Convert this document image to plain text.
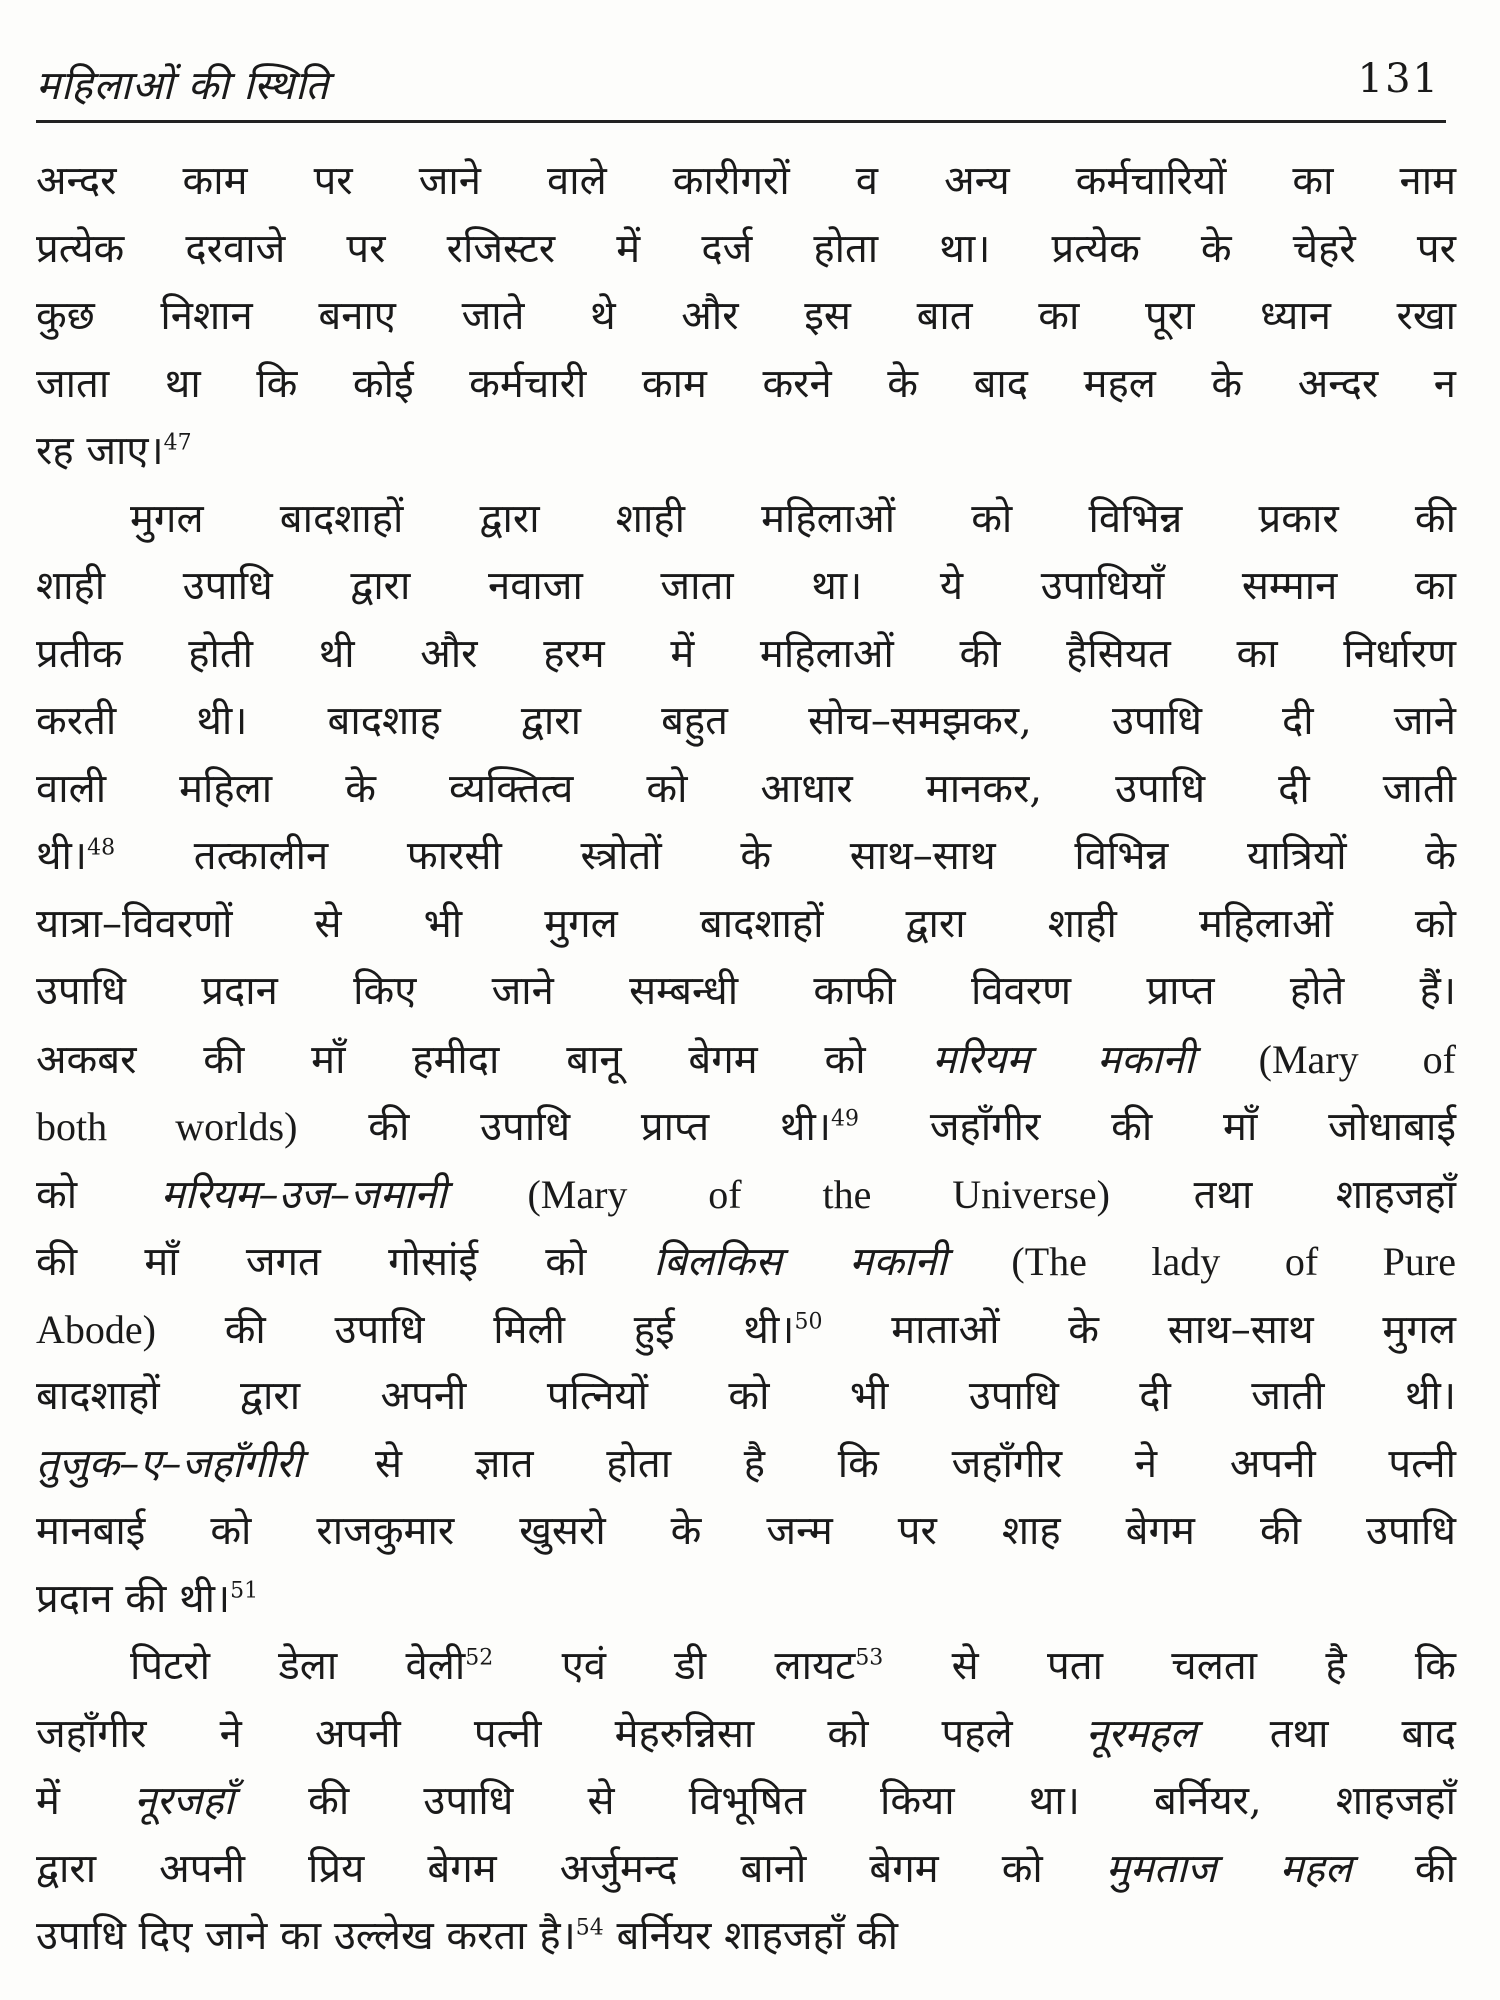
महिलाओं की स्थिति	131
अन्दर काम पर जाने वाले कारीगरों व अन्य कर्मचारियों का नाम
प्रत्येक दरवाजे पर रजिस्टर में दर्ज होता था। प्रत्येक के चेहरे पर
कुछ निशान बनाए जाते थे और इस बात का पूरा ध्यान रखा
जाता था कि कोई कर्मचारी काम करने के बाद महल के अन्दर न
रह जाए।$^{47}$
मुगल बादशाहों द्वारा शाही महिलाओं को विभिन्न प्रकार की
शाही उपाधि द्वारा नवाजा जाता था। ये उपाधियाँ सम्मान का
प्रतीक होती थी और हरम में महिलाओं की हैसियत का निर्धारण
करती थी। बादशाह द्वारा बहुत सोच–समझकर, उपाधि दी जाने
वाली महिला के व्यक्तित्व को आधार मानकर, उपाधि दी जाती
थी।$^{48}$ तत्कालीन फारसी स्त्रोतों के साथ–साथ विभिन्न यात्रियों के
यात्रा–विवरणों से भी मुगल बादशाहों द्वारा शाही महिलाओं को
उपाधि प्रदान किए जाने सम्बन्धी काफी विवरण प्राप्त होते हैं।
अकबर की माँ हमीदा बानू बेगम को मरियम मकानी (Mary of
both worlds) की उपाधि प्राप्त थी।$^{49}$ जहाँगीर की माँ जोधाबाई
को मरियम–उज–जमानी (Mary of the Universe) तथा शाहजहाँ
की माँ जगत गोसांई को बिलकिस मकानी (The lady of Pure
Abode) की उपाधि मिली हुई थी।$^{50}$ माताओं के साथ–साथ मुगल
बादशाहों द्वारा अपनी पत्नियों को भी उपाधि दी जाती थी।
तुजुक–ए–जहाँगीरी से ज्ञात होता है कि जहाँगीर ने अपनी पत्नी
मानबाई को राजकुमार खुसरो के जन्म पर शाह बेगम की उपाधि
प्रदान की थी।$^{51}$
पिटरो डेला वेली$^{52}$ एवं डी लायट$^{53}$ से पता चलता है कि
जहाँगीर ने अपनी पत्नी मेहरुन्निसा को पहले नूरमहल तथा बाद
में नूरजहाँ की उपाधि से विभूषित किया था। बर्नियर, शाहजहाँ
द्वारा अपनी प्रिय बेगम अर्जुमन्द बानो बेगम को मुमताज महल की
उपाधि दिए जाने का उल्लेख करता है।$^{54}$ बर्नियर शाहजहाँ की
